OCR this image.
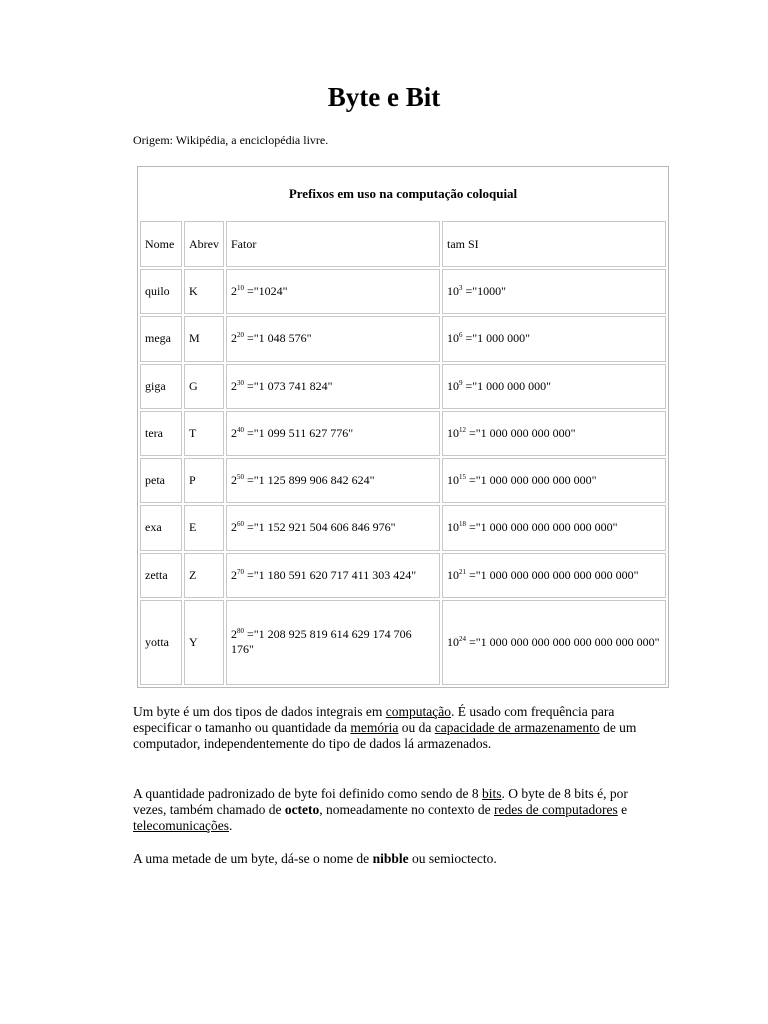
Byte e Bit
Origem: Wikipédia, a enciclopédia livre.
Prefixos em uso na computação coloquial			
Nome	Abrev	Fator	tam SI
quilo	K	$2^{10}$ ="1024"	$10^3$ ="1000"
mega	M	$2^{20}$ ="1 048 576"	$10^6$ ="1 000 000"
giga	G	$2^{30}$ ="1 073 741 824"	$10^9$ ="1 000 000 000"
tera	T	$2^{40}$ ="1 099 511 627 776"	$10^{12}$ ="1 000 000 000 000"
peta	P	$2^{50}$ ="1 125 899 906 842 624"	$10^{15}$ ="1 000 000 000 000 000"
exa	E	$2^{60}$ ="1 152 921 504 606 846 976"	$10^{18}$ ="1 000 000 000 000 000 000"
zetta	Z	$2^{70}$ ="1 180 591 620 717 411 303 424"	$10^{21}$ ="1 000 000 000 000 000 000 000"
yotta	Y	$2^{80}$ ="1 208 925 819 614 629 174 706 176"	$10^{24}$ ="1 000 000 000 000 000 000 000 000"
Um byte é um dos tipos de dados integrais em computação. É usado com frequência para especificar o tamanho ou quantidade da memória ou da capacidade de armazenamento de um computador, independentemente do tipo de dados lá armazenados.
A quantidade padronizado de byte foi definido como sendo de 8 bits. O byte de 8 bits é, por vezes, também chamado de octeto, nomeadamente no contexto de redes de computadores e telecomunicações.
A uma metade de um byte, dá-se o nome de nibble ou semioctecto.
